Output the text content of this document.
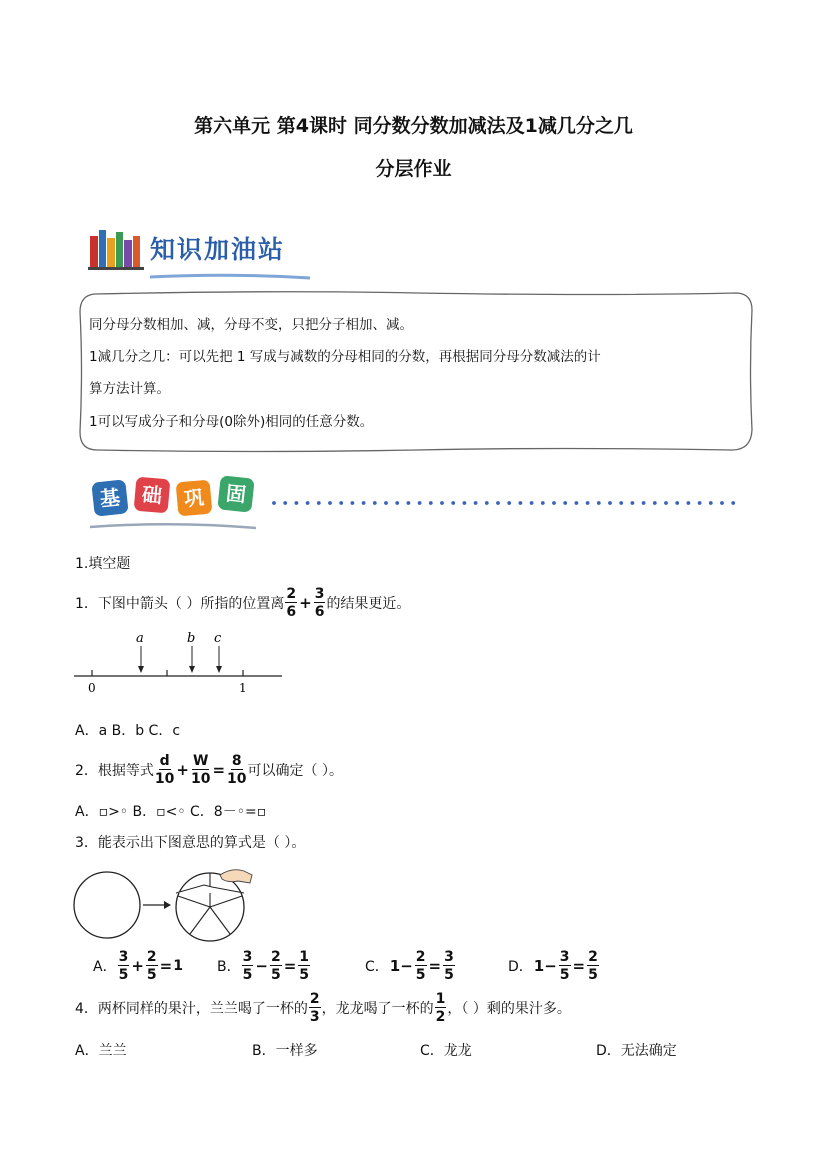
第六单元 第4课时 同分数分数加减法及1减几分之几
分层作业
知识加油站
同分母分数相加、减，分母不变，只把分子相加、减。
1减几分之几：可以先把 1 写成与减数的分母相同的分数，再根据同分母分数减法的计
算方法计算。
1可以写成分子和分母(0除外)相同的任意分数。
基 础 巩 固
1.填空题
1．下图中箭头（ ）所指的位置离 $\frac{2}{6} + \frac{3}{6}$ 的结果更近。
a	b c
0	1
A．a B．b C．c
2．根据等式 $\frac{d}{10} + \frac{W}{10} = \frac{8}{10}$ 可以确定（ ）。
A．▫>◦ B．▫<◦ C．8－◦=▫
3．能表示出下图意思的算式是（ ）。
A． $\frac{3}{5} + \frac{2}{5} = 1$ B． $\frac{3}{5} - \frac{2}{5} = \frac{1}{5}$	C． $1- \frac{2}{5} = \frac{3}{5}$	D． $1- \frac{3}{5} = \frac{2}{5}$
4．两杯同样的果汁，兰兰喝了一杯的 $\frac{2}{3}$ ，龙龙喝了一杯的 $\frac{1}{2}$ ，（ ）剩的果汁多。
A．兰兰	B．一样多	C．龙龙	D．无法确定
